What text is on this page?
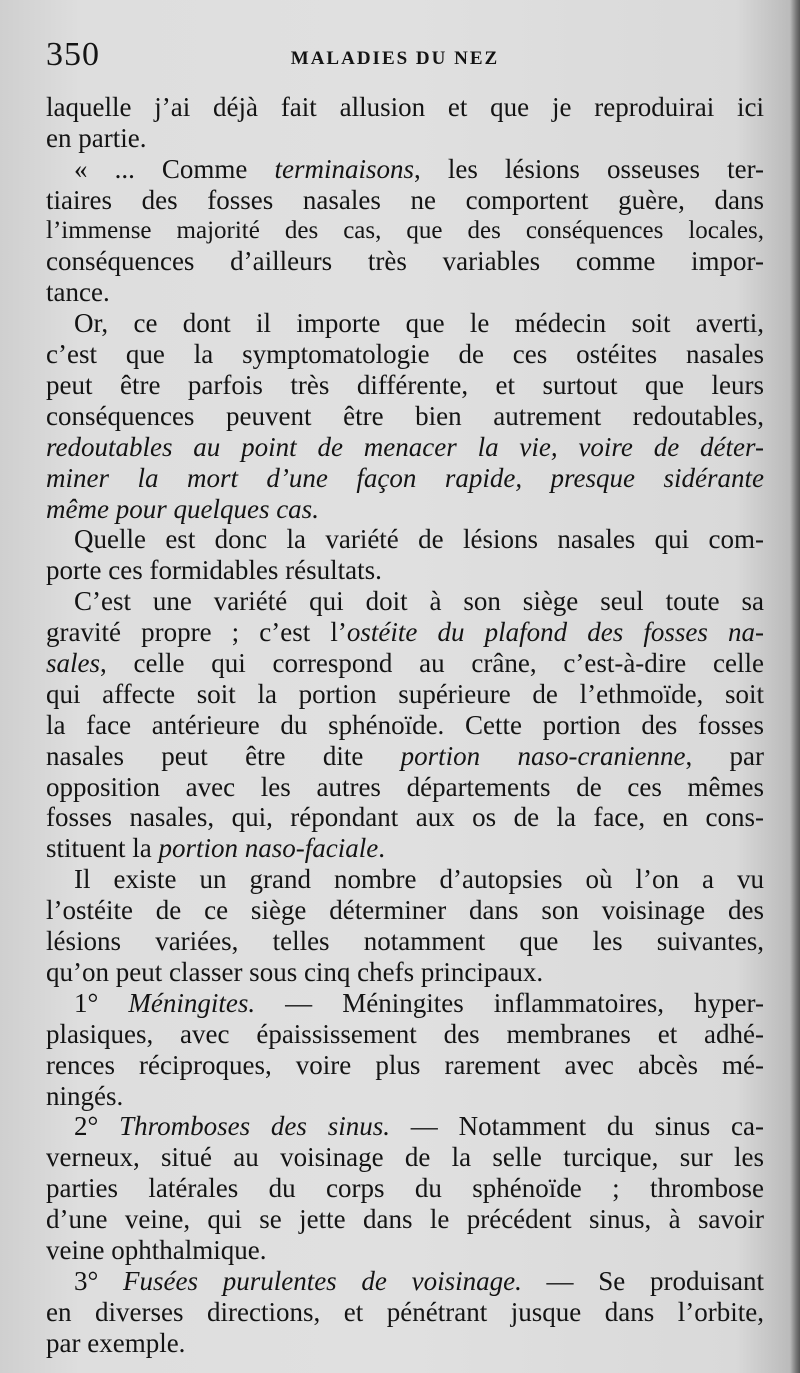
350	MALADIES DU NEZ
laquelle j’ai déjà fait allusion et que je reproduirai ici
en partie.
« ... Comme terminaisons, les lésions osseuses ter-
tiaires des fosses nasales ne comportent guère, dans
l’immense majorité des cas, que des conséquences locales,
conséquences d’ailleurs très variables comme impor-
tance.
Or, ce dont il importe que le médecin soit averti,
c’est que la symptomatologie de ces ostéites nasales
peut être parfois très différente, et surtout que leurs
conséquences peuvent être bien autrement redoutables,
redoutables au point de menacer la vie, voire de déter-
miner la mort d’une façon rapide, presque sidérante
même pour quelques cas.
Quelle est donc la variété de lésions nasales qui com-
porte ces formidables résultats.
C’est une variété qui doit à son siège seul toute sa
gravité propre ; c’est l’ostéite du plafond des fosses na-
sales, celle qui correspond au crâne, c’est-à-dire celle
qui affecte soit la portion supérieure de l’ethmoïde, soit
la face antérieure du sphénoïde. Cette portion des fosses
nasales peut être dite portion naso-cranienne, par
opposition avec les autres départements de ces mêmes
fosses nasales, qui, répondant aux os de la face, en cons-
stituent la portion naso-faciale.
Il existe un grand nombre d’autopsies où l’on a vu
l’ostéite de ce siège déterminer dans son voisinage des
lésions variées, telles notamment que les suivantes,
qu’on peut classer sous cinq chefs principaux.
1° Méningites. — Méningites inflammatoires, hyper-
plasiques, avec épaississement des membranes et adhé-
rences réciproques, voire plus rarement avec abcès mé-
ningés.
2° Thromboses des sinus. — Notamment du sinus ca-
verneux, situé au voisinage de la selle turcique, sur les
parties latérales du corps du sphénoïde ; thrombose
d’une veine, qui se jette dans le précédent sinus, à savoir
veine ophthalmique.
3° Fusées purulentes de voisinage. — Se produisant
en diverses directions, et pénétrant jusque dans l’orbite,
par exemple.
